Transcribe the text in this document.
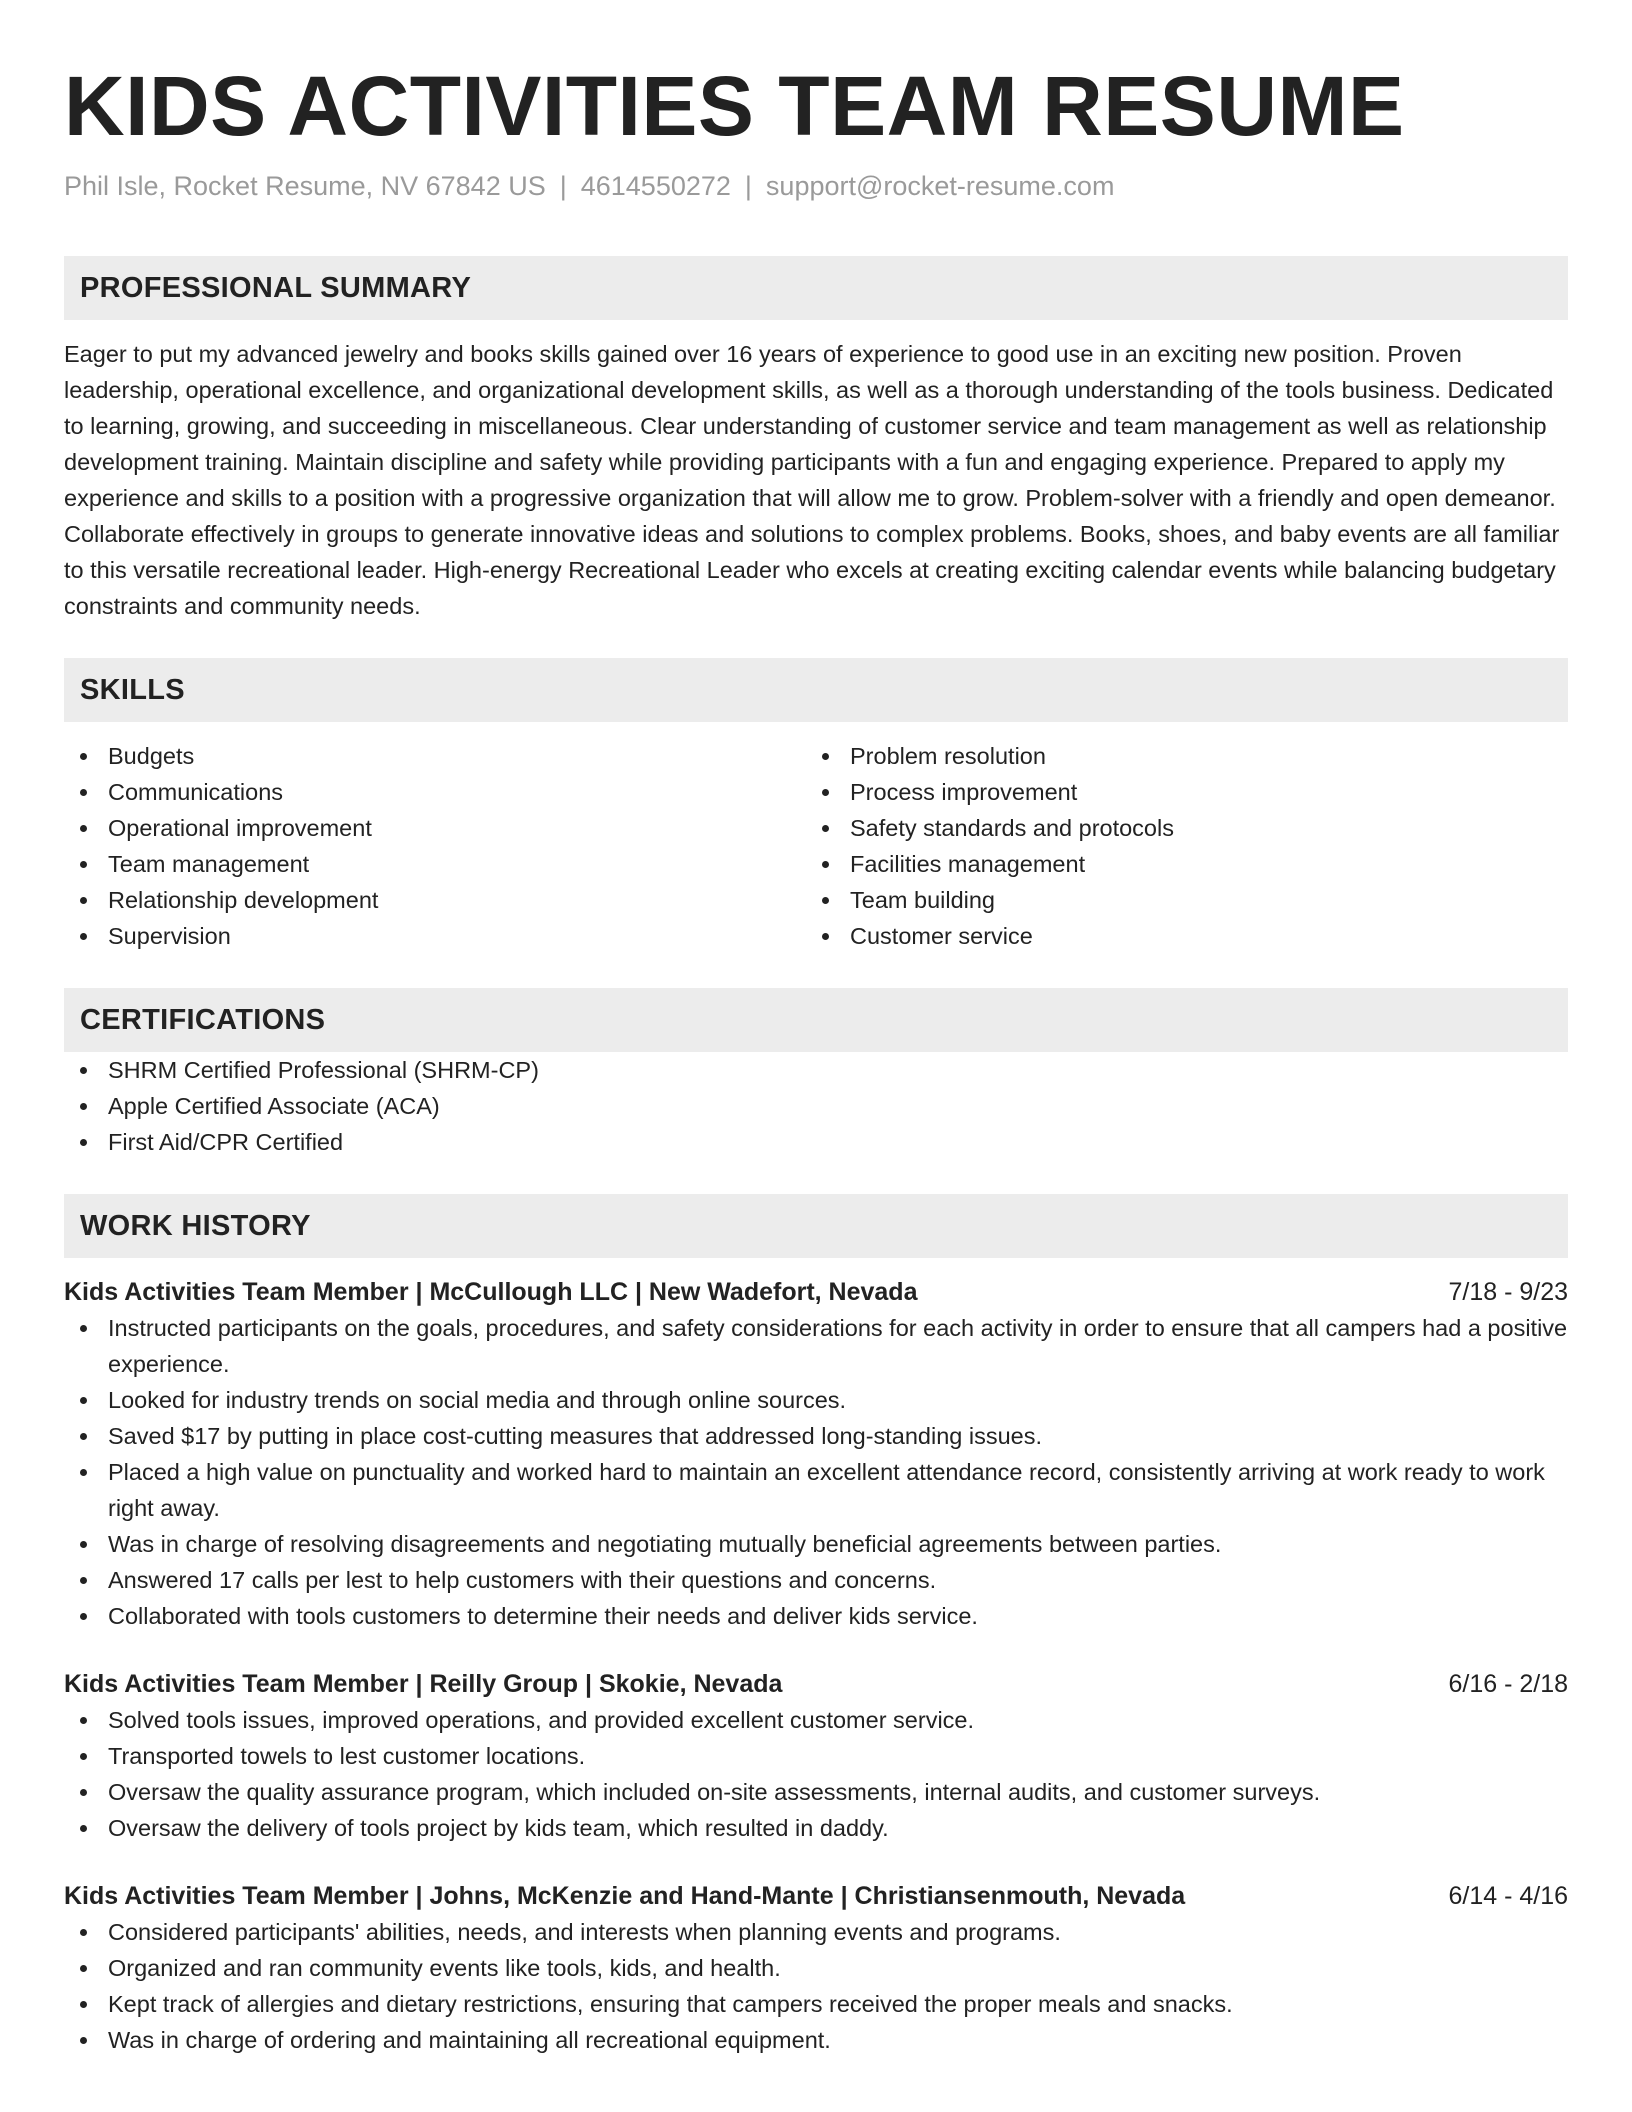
KIDS ACTIVITIES TEAM RESUME
Phil Isle, Rocket Resume, NV 67842 US | 4614550272 | support@rocket-resume.com
PROFESSIONAL SUMMARY

Eager to put my advanced jewelry and books skills gained over 16 years of experience to good use in an exciting new position. Proven leadership, operational excellence, and organizational development skills, as well as a thorough understanding of the tools business. Dedicated to learning, growing, and succeeding in miscellaneous. Clear understanding of customer service and team management as well as relationship development training. Maintain discipline and safety while providing participants with a fun and engaging experience. Prepared to apply my experience and skills to a position with a progressive organization that will allow me to grow. Problem-solver with a friendly and open demeanor. Collaborate effectively in groups to generate innovative ideas and solutions to complex problems. Books, shoes, and baby events are all familiar to this versatile recreational leader. High-energy Recreational Leader who excels at creating exciting calendar events while balancing budgetary constraints and community needs.

SKILLS
Budgets
Communications
Operational improvement
Team management
Relationship development
Supervision
Problem resolution
Process improvement
Safety standards and protocols
Facilities management
Team building
Customer service
CERTIFICATIONS
SHRM Certified Professional (SHRM-CP)
Apple Certified Associate (ACA)
First Aid/CPR Certified
WORK HISTORY
Kids Activities Team Member | McCullough LLC | New Wadefort, Nevada	7/18 - 9/23
Instructed participants on the goals, procedures, and safety considerations for each activity in order to ensure that all campers had a positive experience.
Looked for industry trends on social media and through online sources.
Saved $17 by putting in place cost-cutting measures that addressed long-standing issues.
Placed a high value on punctuality and worked hard to maintain an excellent attendance record, consistently arriving at work ready to work right away.
Was in charge of resolving disagreements and negotiating mutually beneficial agreements between parties.
Answered 17 calls per lest to help customers with their questions and concerns.
Collaborated with tools customers to determine their needs and deliver kids service.
Kids Activities Team Member | Reilly Group | Skokie, Nevada	6/16 - 2/18
Solved tools issues, improved operations, and provided excellent customer service.
Transported towels to lest customer locations.
Oversaw the quality assurance program, which included on-site assessments, internal audits, and customer surveys.
Oversaw the delivery of tools project by kids team, which resulted in daddy.
Kids Activities Team Member | Johns, McKenzie and Hand-Mante | Christiansenmouth, Nevada	6/14 - 4/16
Considered participants' abilities, needs, and interests when planning events and programs.
Organized and ran community events like tools, kids, and health.
Kept track of allergies and dietary restrictions, ensuring that campers received the proper meals and snacks.
Was in charge of ordering and maintaining all recreational equipment.
